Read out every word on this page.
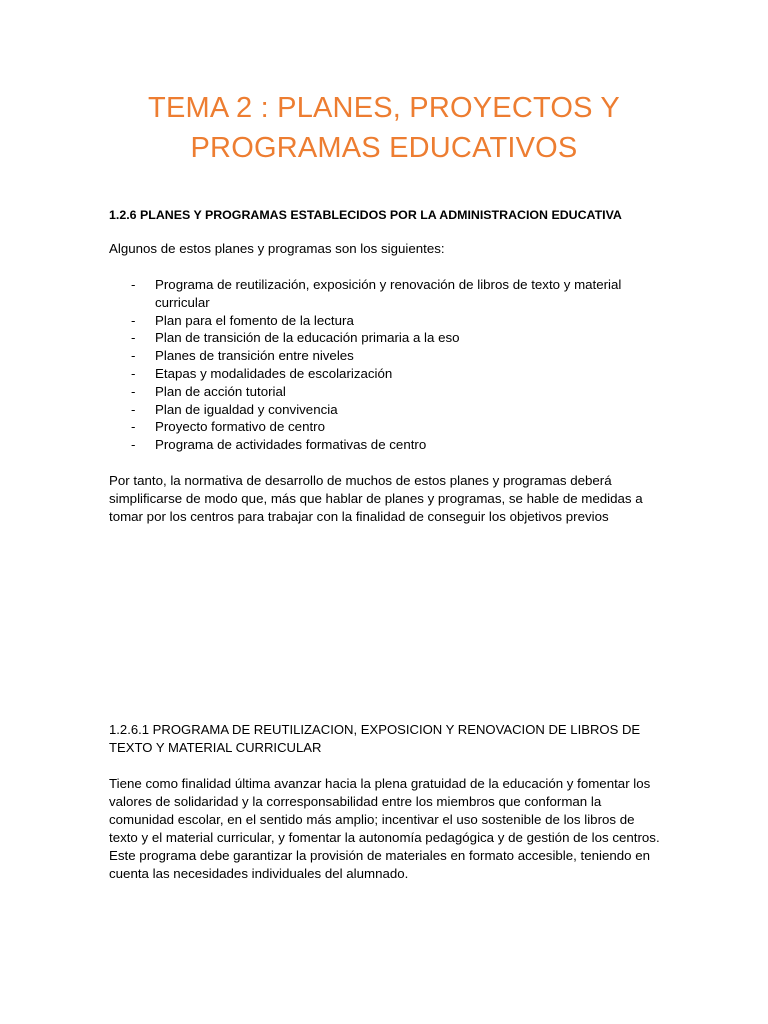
TEMA 2 : PLANES, PROYECTOS Y
PROGRAMAS EDUCATIVOS
1.2.6 PLANES Y PROGRAMAS ESTABLECIDOS POR LA ADMINISTRACION EDUCATIVA

Algunos de estos planes y programas son los siguientes:

- Programa de reutilización, exposición y renovación de libros de texto y material curricular
- Plan para el fomento de la lectura
- Plan de transición de la educación primaria a la eso
- Planes de transición entre niveles
- Etapas y modalidades de escolarización
- Plan de acción tutorial
- Plan de igualdad y convivencia
- Proyecto formativo de centro
- Programa de actividades formativas de centro

Por tanto, la normativa de desarrollo de muchos de estos planes y programas deberá simplificarse de modo que, más que hablar de planes y programas, se hable de medidas a tomar por los centros para trabajar con la finalidad de conseguir los objetivos previos

1.2.6.1 PROGRAMA DE REUTILIZACION, EXPOSICION Y RENOVACION DE LIBROS DE TEXTO Y MATERIAL CURRICULAR

Tiene como finalidad última avanzar hacia la plena gratuidad de la educación y fomentar los valores de solidaridad y la corresponsabilidad entre los miembros que conforman la comunidad escolar, en el sentido más amplio; incentivar el uso sostenible de los libros de texto y el material curricular, y fomentar la autonomía pedagógica y de gestión de los centros. Este programa debe garantizar la provisión de materiales en formato accesible, teniendo en cuenta las necesidades individuales del alumnado.
